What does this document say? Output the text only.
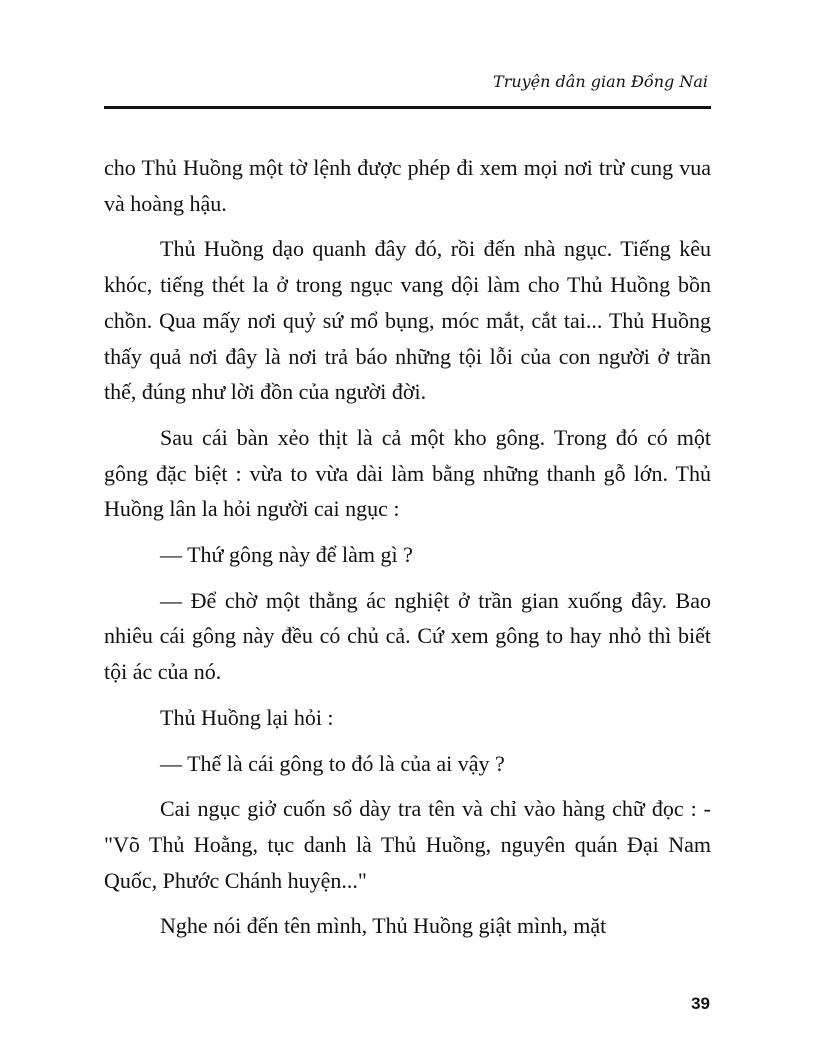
Truyện dân gian Đồng Nai

cho Thủ Huồng một tờ lệnh được phép đi xem mọi nơi trừ cung vua và hoàng hậu.

Thủ Huồng dạo quanh đây đó, rồi đến nhà ngục. Tiếng kêu khóc, tiếng thét la ở trong ngục vang dội làm cho Thủ Huồng bồn chồn. Qua mấy nơi quỷ sứ mổ bụng, móc mắt, cắt tai... Thủ Huồng thấy quả nơi đây là nơi trả báo những tội lỗi của con người ở trần thế, đúng như lời đồn của người đời.

Sau cái bàn xẻo thịt là cả một kho gông. Trong đó có một gông đặc biệt : vừa to vừa dài làm bằng những thanh gỗ lớn. Thủ Huồng lân la hỏi người cai ngục :

— Thứ gông này để làm gì ?

— Để chờ một thằng ác nghiệt ở trần gian xuống đây. Bao nhiêu cái gông này đều có chủ cả. Cứ xem gông to hay nhỏ thì biết tội ác của nó.

Thủ Huồng lại hỏi :

— Thế là cái gông to đó là của ai vậy ?

Cai ngục giở cuốn sổ dày tra tên và chỉ vào hàng chữ đọc : - "Võ Thủ Hoằng, tục danh là Thủ Huồng, nguyên quán Đại Nam Quốc, Phước Chánh huyện..."

Nghe nói đến tên mình, Thủ Huồng giật mình, mặt

39
